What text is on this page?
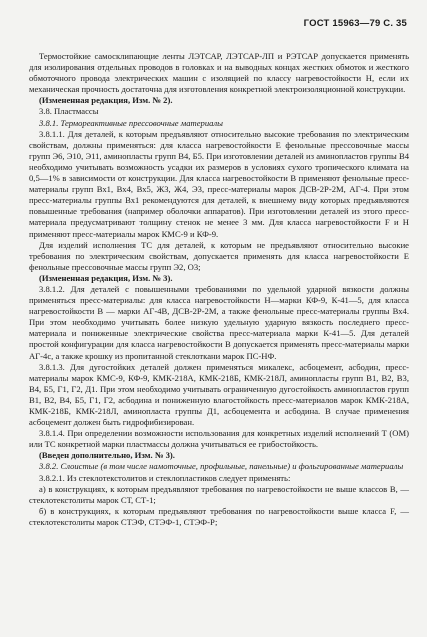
ГОСТ 15963—79 С. 35

Термостойкие самосклипающие ленты ЛЭТСАР, ЛЭТСАР-ЛП и РЭТСАР допускается применять для изолирования отдельных проводов в головках и на выводных концах жестких обмоток и жесткого обмоточного провода электрических машин с изоляцией по классу нагревостойкости Н, если их механическая прочность достаточна для изготовления конкретной электроизоляционной конструкции.

(Измененная редакция, Изм. № 2).

3.8. Пластмассы

3.8.1. Термореактивные прессовочные материалы

3.8.1.1. Для деталей, к которым предъявляют относительно высокие требования по электрическим свойствам, должны применяться: для класса нагревостойкости Е фенольные прессовочные массы групп Э6, Э10, Э11, аминопласты групп В4, Б5. При изготовлении деталей из аминопластов группы В4 необходимо учитывать возможность усадки их размеров в условиях сухого тропического климата на 0,5—1% в зависимости от конструкции. Для класса нагревостойкости В применяют фенольные пресс-материалы групп Вх1, Вх4, Вх5, Ж3, Ж4, Э3, пресс-материалы марок ДСВ-2Р-2М, АГ-4. При этом пресс-материалы группы Вх1 рекомендуются для деталей, к внешнему виду которых предъявляются повышенные требования (например оболочки аппаратов). При изготовлении деталей из этого пресс-материала предусматривают толщину стенок не менее 3 мм. Для класса нагревостойкости F и Н применяют пресс-материалы марок КМС-9 и КФ-9.

Для изделий исполнения ТС для деталей, к которым не предъявляют относительно высокие требования по электрическим свойствам, допускается применять для класса нагревостойкости Е фенольные прессовочные массы групп Э2, О3;

(Измененная редакция, Изм. № 3).

3.8.1.2. Для деталей с повышенными требованиями по удельной ударной вязкости должны применяться пресс-материалы: для класса нагревостойкости Н—марки КФ-9, К-41—5, для класса нагревостойкости В — марки АГ-4В, ДСВ-2Р-2М, а также фенольные пресс-материалы группы Вх4. При этом необходимо учитывать более низкую удельную ударную вязкость последнего пресс-материала и пониженные электрические свойства пресс-материала марки К-41—5. Для деталей простой конфигурации для класса нагревостойкости В допускается применять пресс-материалы марки АГ-4с, а также крошку из пропитанной стеклоткани марок ПС-НФ.

3.8.1.3. Для дугостойких деталей должен применяться микалекс, асбоцемент, асбодин, пресс-материалы марок КМС-9, КФ-9, КМК-218А, КМК-218Б, КМК-218Л, аминопласты групп В1, В2, В3, В4, Б5, Г1, Г2, Д1. При этом необходимо учитывать ограниченную дугостойкость аминопластов групп В1, В2, В4, Б5, Г1, Г2, асбодина и пониженную влагостойкость пресс-материалов марок КМК-218А, КМК-218Б, КМК-218Л, аминопласта группы Д1, асбоцемента и асбодина. В случае применения асбоцемент должен быть гидрофибизирован.

3.8.1.4. При определении возможности использования для конкретных изделий исполнений Т (ОМ) или ТС конкретной марки пластмассы должна учитываться ее грибостойкость.

(Введен дополнительно, Изм. № 3).

3.8.2. Слоистые (в том числе намоточные, профильные, панельные) и фольгированные материалы

3.8.2.1. Из стеклотекстолитов и стеклопластиков следует применять:

а) в конструкциях, к которым предъявляют требования по нагревостойкости не выше классов В, — стеклотекстолиты марок СТ, СТ-1;

б) в конструкциях, к которым предъявляют требования по нагревостойкости выше класса F, — стеклотекстолиты марок СТЭФ, СТЭФ-1, СТЭФ-Р;
